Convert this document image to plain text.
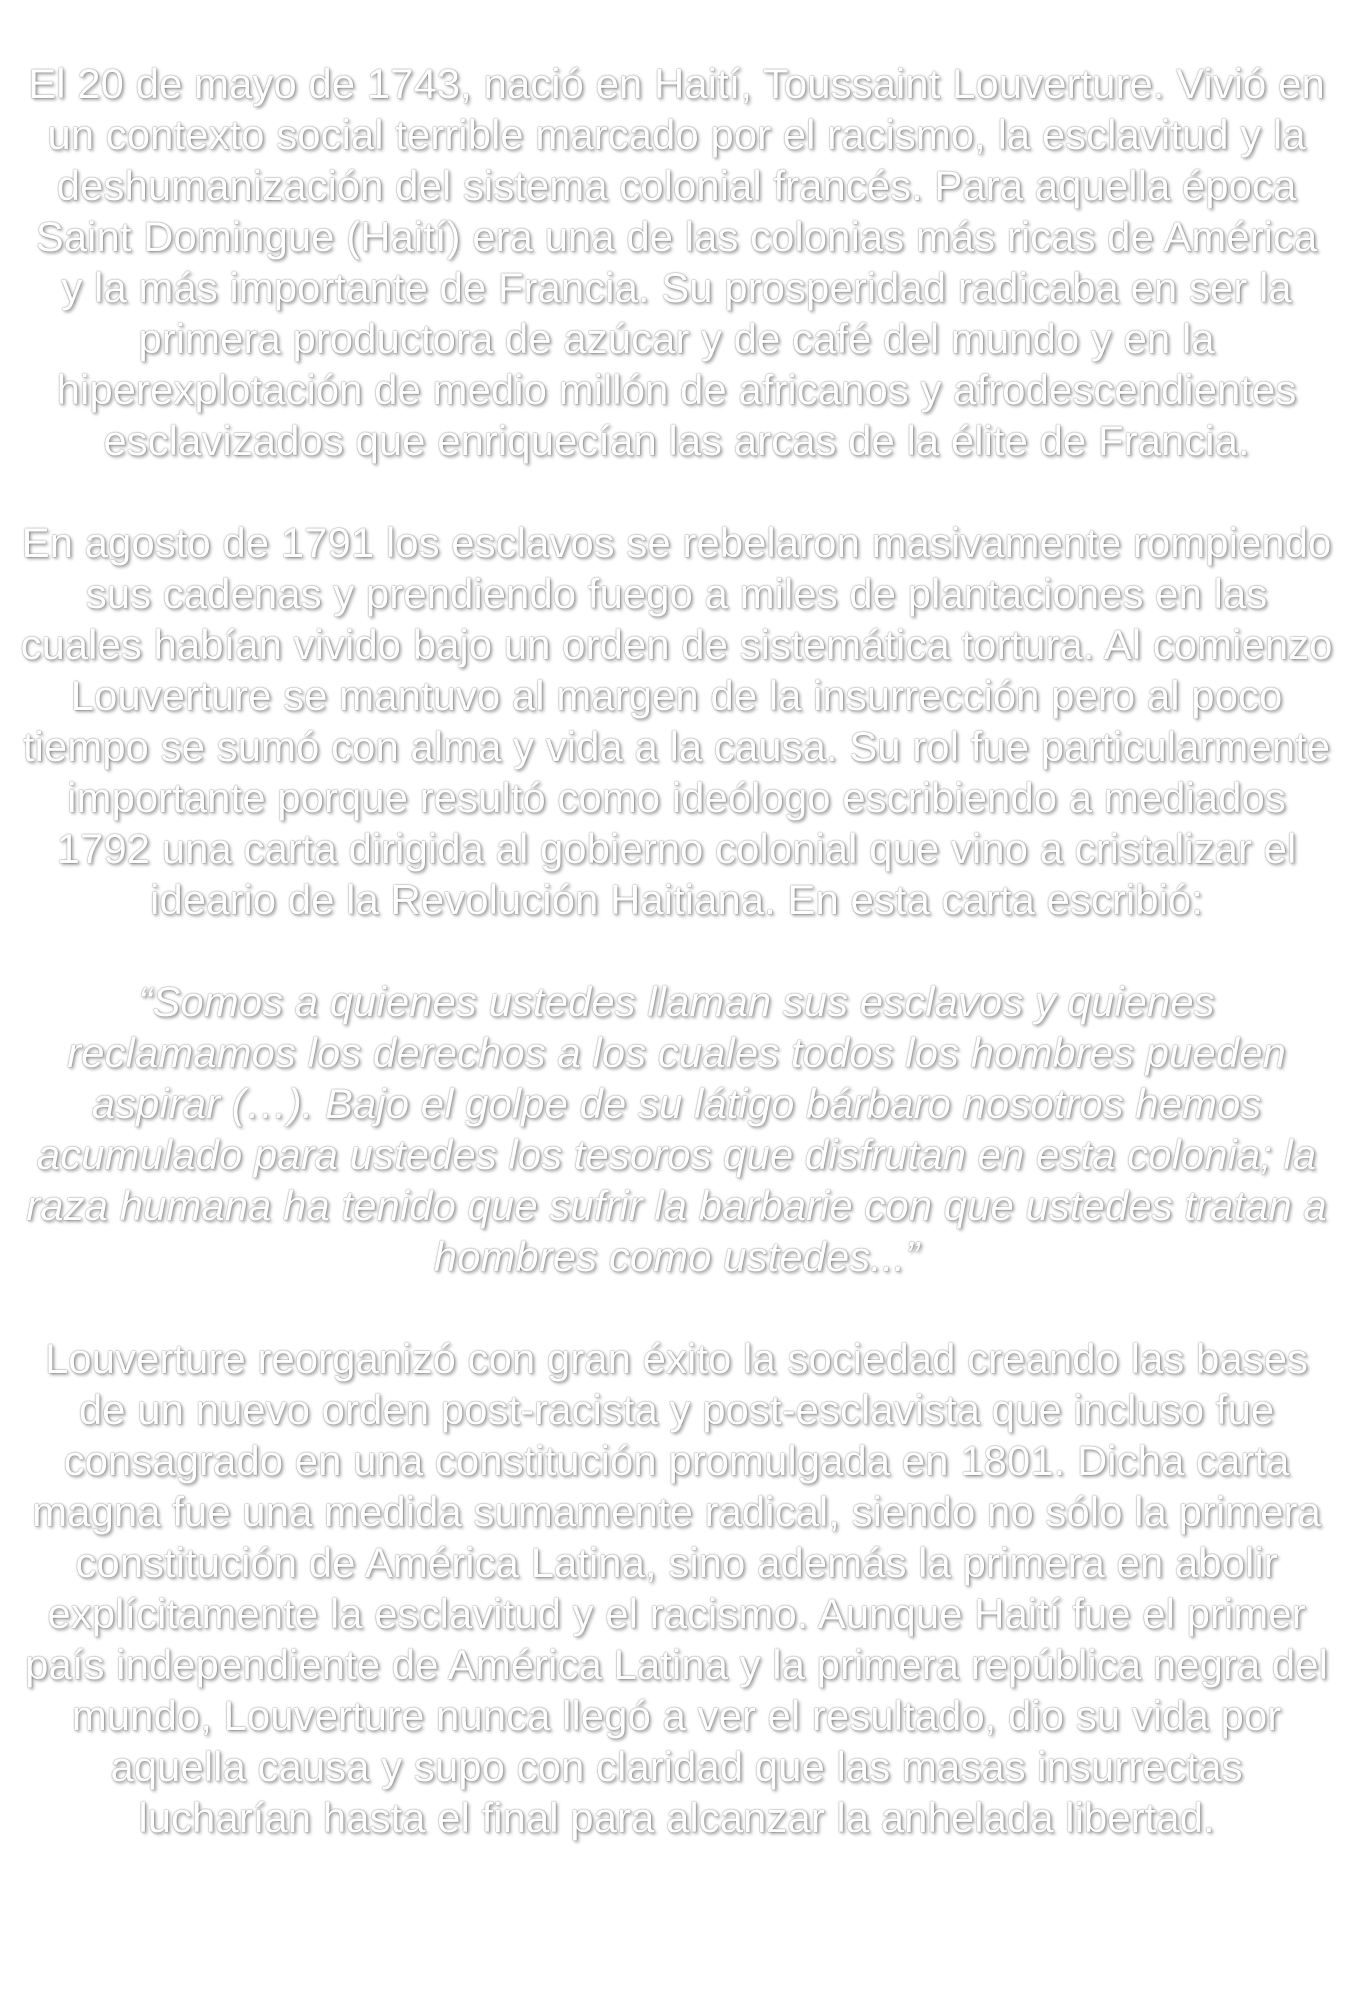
El 20 de mayo de 1743, nació en Haití, Toussaint Louverture. Vivió en un contexto social terrible marcado por el racismo, la esclavitud y la deshumanización del sistema colonial francés. Para aquella época Saint Domingue (Haití) era una de las colonias más ricas de América y la más importante de Francia. Su prosperidad radicaba en ser la primera productora de azúcar y de café del mundo y en la hiperexplotación de medio millón de africanos y afrodescendientes esclavizados que enriquecían las arcas de la élite de Francia.

En agosto de 1791 los esclavos se rebelaron masivamente rompiendo sus cadenas y prendiendo fuego a miles de plantaciones en las cuales habían vivido bajo un orden de sistemática tortura. Al comienzo Louverture se mantuvo al margen de la insurrección pero al poco tiempo se sumó con alma y vida a la causa. Su rol fue particularmente importante porque resultó como ideólogo escribiendo a mediados 1792 una carta dirigida al gobierno colonial que vino a cristalizar el ideario de la Revolución Haitiana. En esta carta escribió:

“Somos a quienes ustedes llaman sus esclavos y quienes reclamamos los derechos a los cuales todos los hombres pueden aspirar (…). Bajo el golpe de su látigo bárbaro nosotros hemos acumulado para ustedes los tesoros que disfrutan en esta colonia; la raza humana ha tenido que sufrir la barbarie con que ustedes tratan a hombres como ustedes...”

Louverture reorganizó con gran éxito la sociedad creando las bases de un nuevo orden post-racista y post-esclavista que incluso fue consagrado en una constitución promulgada en 1801. Dicha carta magna fue una medida sumamente radical, siendo no sólo la primera constitución de América Latina, sino además la primera en abolir explícitamente la esclavitud y el racismo. Aunque Haití fue el primer país independiente de América Latina y la primera república negra del mundo, Louverture nunca llegó a ver el resultado, dio su vida por aquella causa y supo con claridad que las masas insurrectas lucharían hasta el final para alcanzar la anhelada libertad.
